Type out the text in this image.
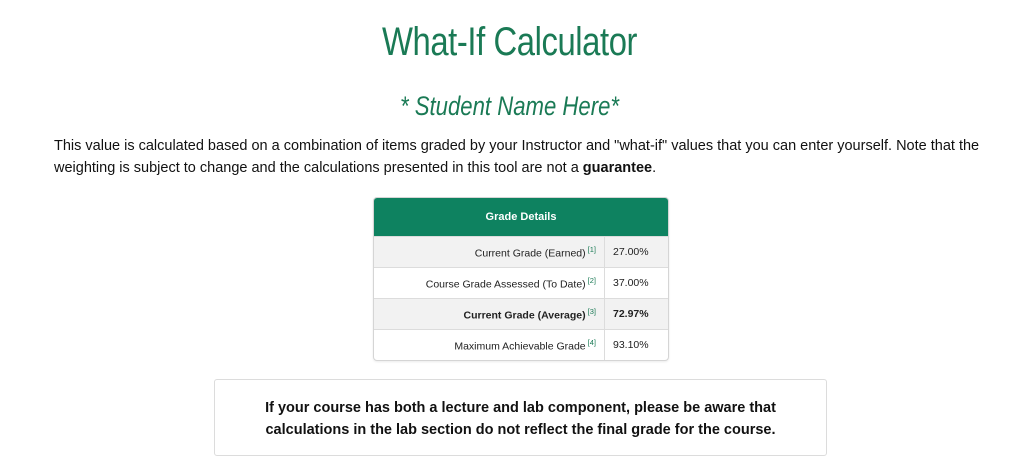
What-If Calculator
* Student Name Here*
This value is calculated based on a combination of items graded by your Instructor and "what-if" values that you can enter yourself. Note that the weighting is subject to change and the calculations presented in this tool are not a guarantee.
Grade Details
Current Grade (Earned) [1]	27.00%
Course Grade Assessed (To Date) [2]	37.00%
Current Grade (Average) [3]	72.97%
Maximum Achievable Grade [4]	93.10%
If your course has both a lecture and lab component, please be aware that
calculations in the lab section do not reflect the final grade for the course.
